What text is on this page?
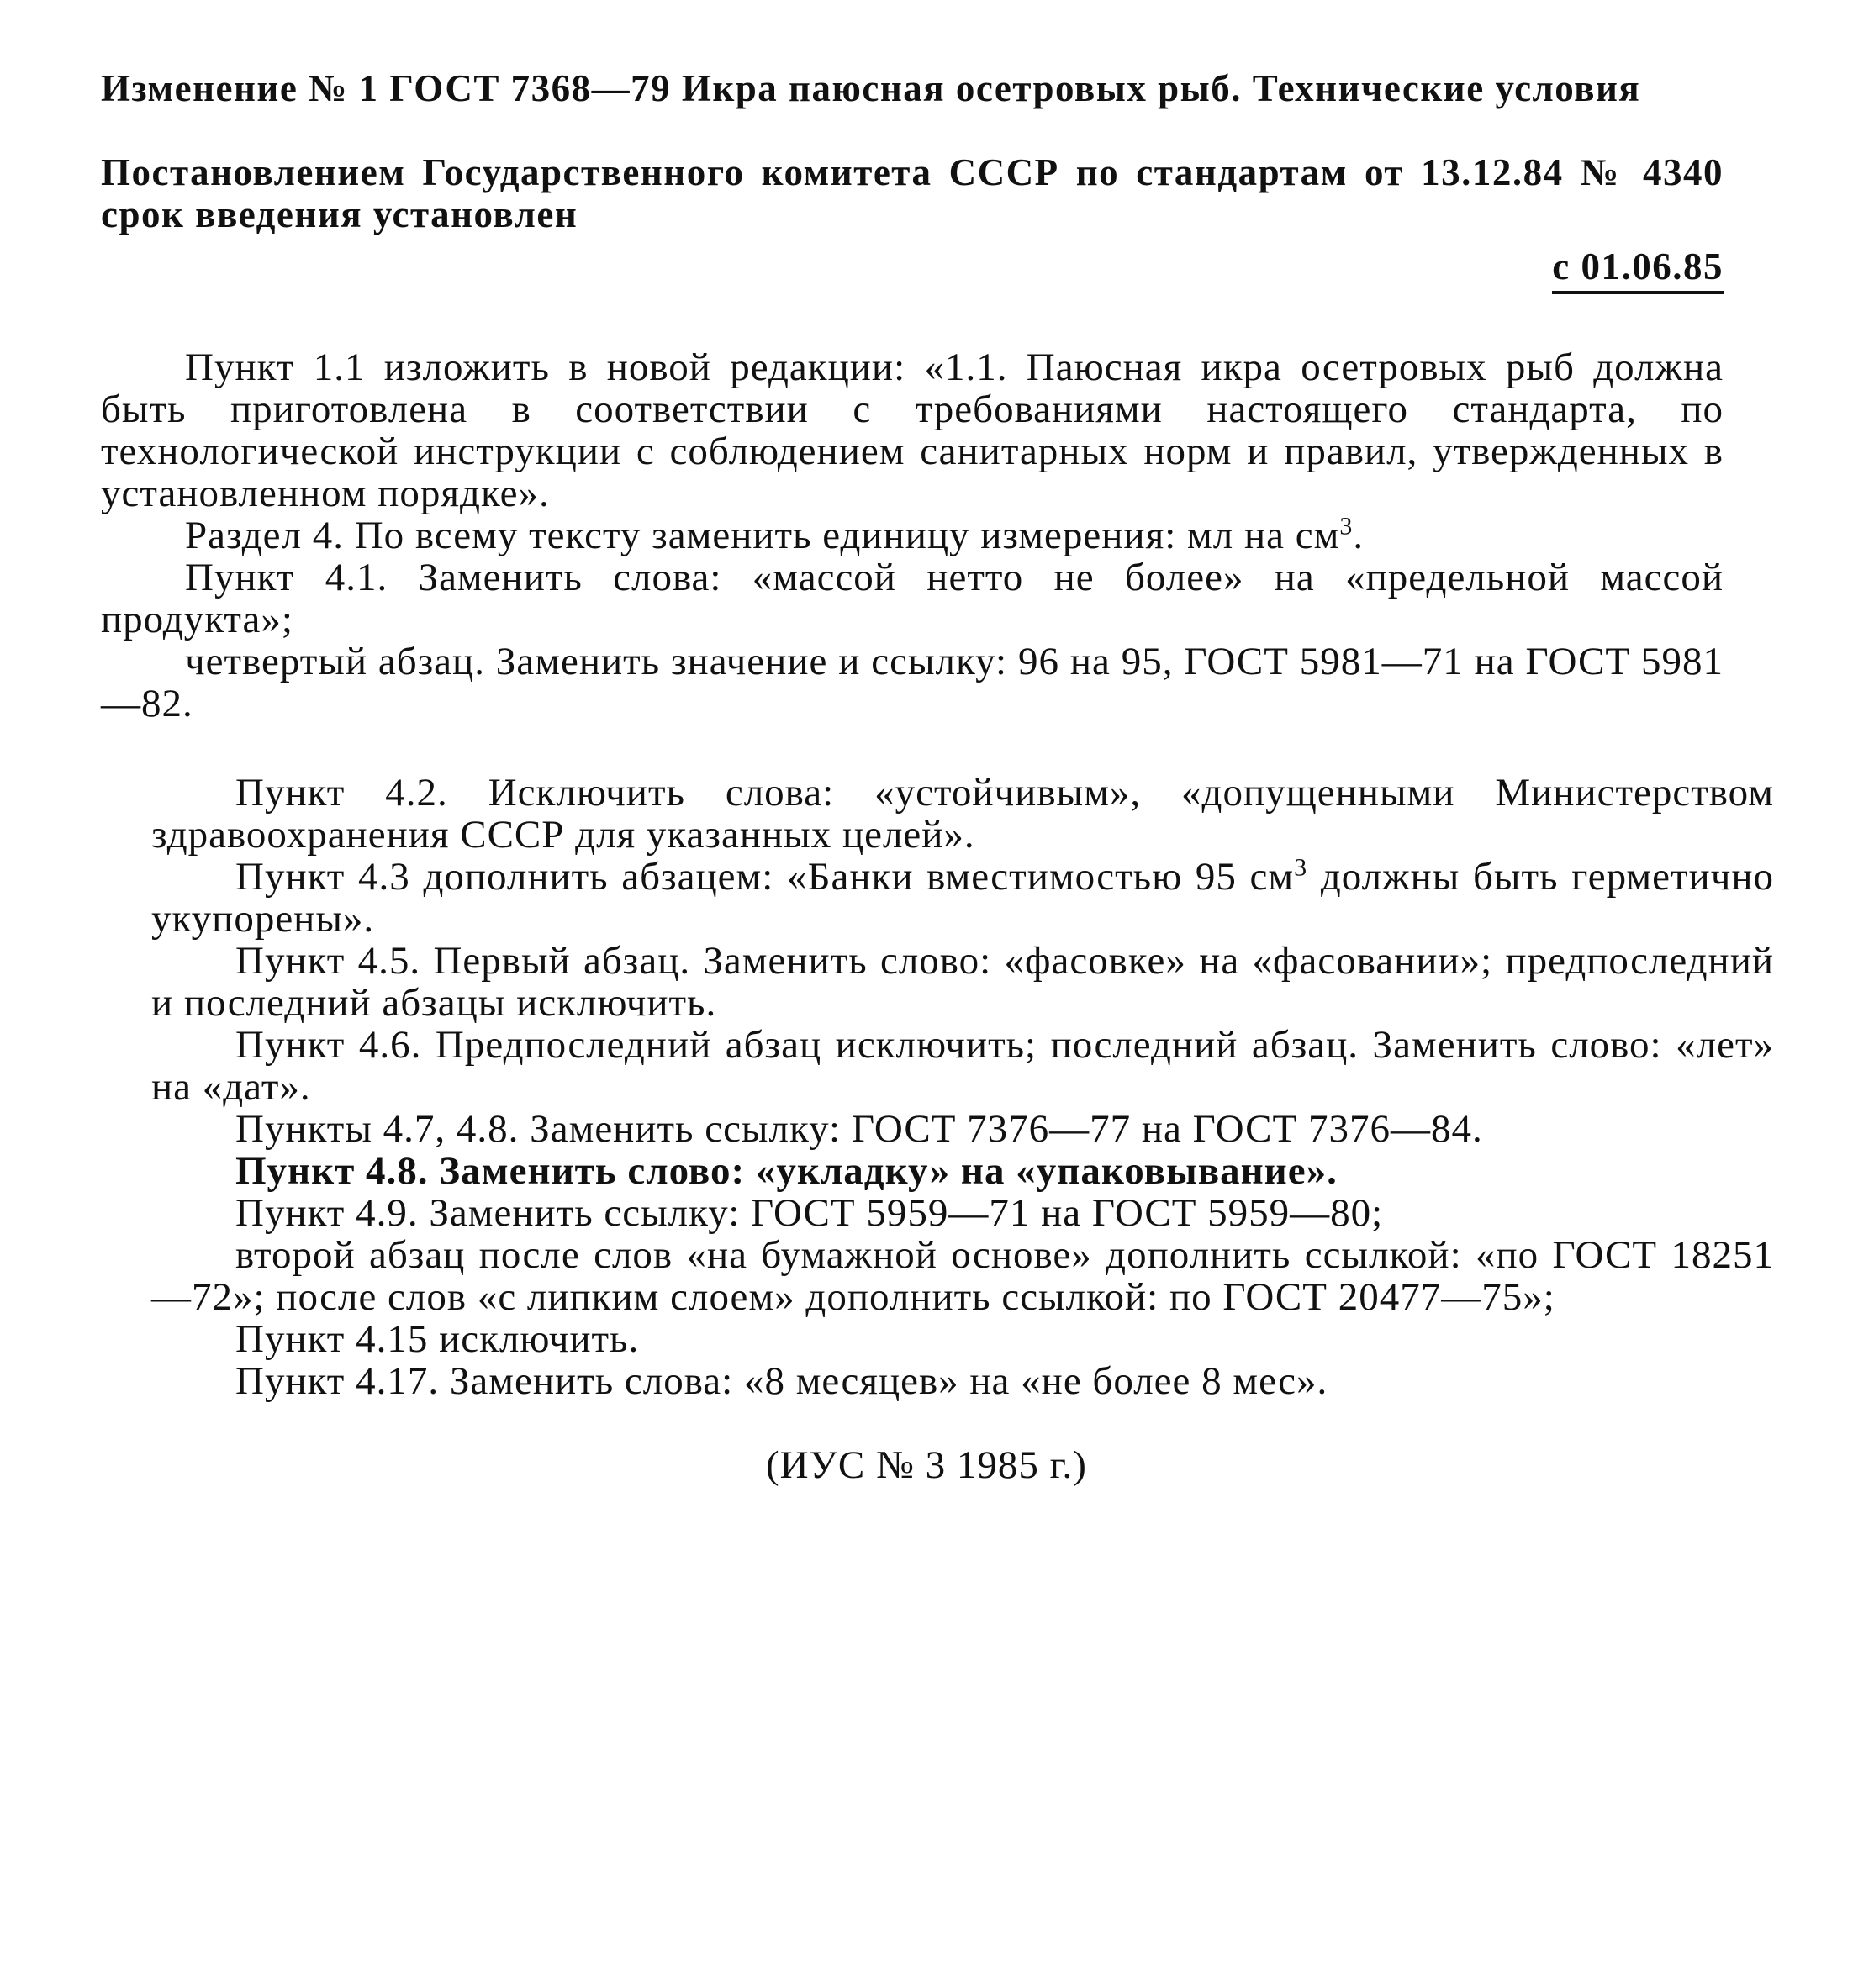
Изменение № 1 ГОСТ 7368—79 Икра паюсная осетровых рыб. Технические условия

Постановлением Государственного комитета СССР по стандартам от 13.12.84 № 4340 срок введения установлен

с 01.06.85

Пункт 1.1 изложить в новой редакции: «1.1. Паюсная икра осетровых рыб должна быть приготовлена в соответствии с требованиями настоящего стандарта, по технологической инструкции с соблюдением санитарных норм и правил, утвержденных в установленном порядке».

Раздел 4. По всему тексту заменить единицу измерения: мл на $см^3$.

Пункт 4.1. Заменить слова: «массой нетто не более» на «предельной массой продукта»;

четвертый абзац. Заменить значение и ссылку: 96 на 95, ГОСТ 5981—71 на ГОСТ 5981—82.

Пункт 4.2. Исключить слова: «устойчивым», «допущенными Министерством здравоохранения СССР для указанных целей».

Пункт 4.3 дополнить абзацем: «Банки вместимостью 95 $см^3$ должны быть герметично укупорены».

Пункт 4.5. Первый абзац. Заменить слово: «фасовке» на «фасовании»; предпоследний и последний абзацы исключить.

Пункт 4.6. Предпоследний абзац исключить; последний абзац. Заменить слово: «лет» на «дат».

Пункты 4.7, 4.8. Заменить ссылку: ГОСТ 7376—77 на ГОСТ 7376—84.

Пункт 4.8. Заменить слово: «укладку» на «упаковывание».

Пункт 4.9. Заменить ссылку: ГОСТ 5959—71 на ГОСТ 5959—80;

второй абзац после слов «на бумажной основе» дополнить ссылкой: «по ГОСТ 18251—72»; после слов «с липким слоем» дополнить ссылкой: по ГОСТ 20477—75»;

Пункт 4.15 исключить.

Пункт 4.17. Заменить слова: «8 месяцев» на «не более 8 мес».

(ИУС № 3 1985 г.)
